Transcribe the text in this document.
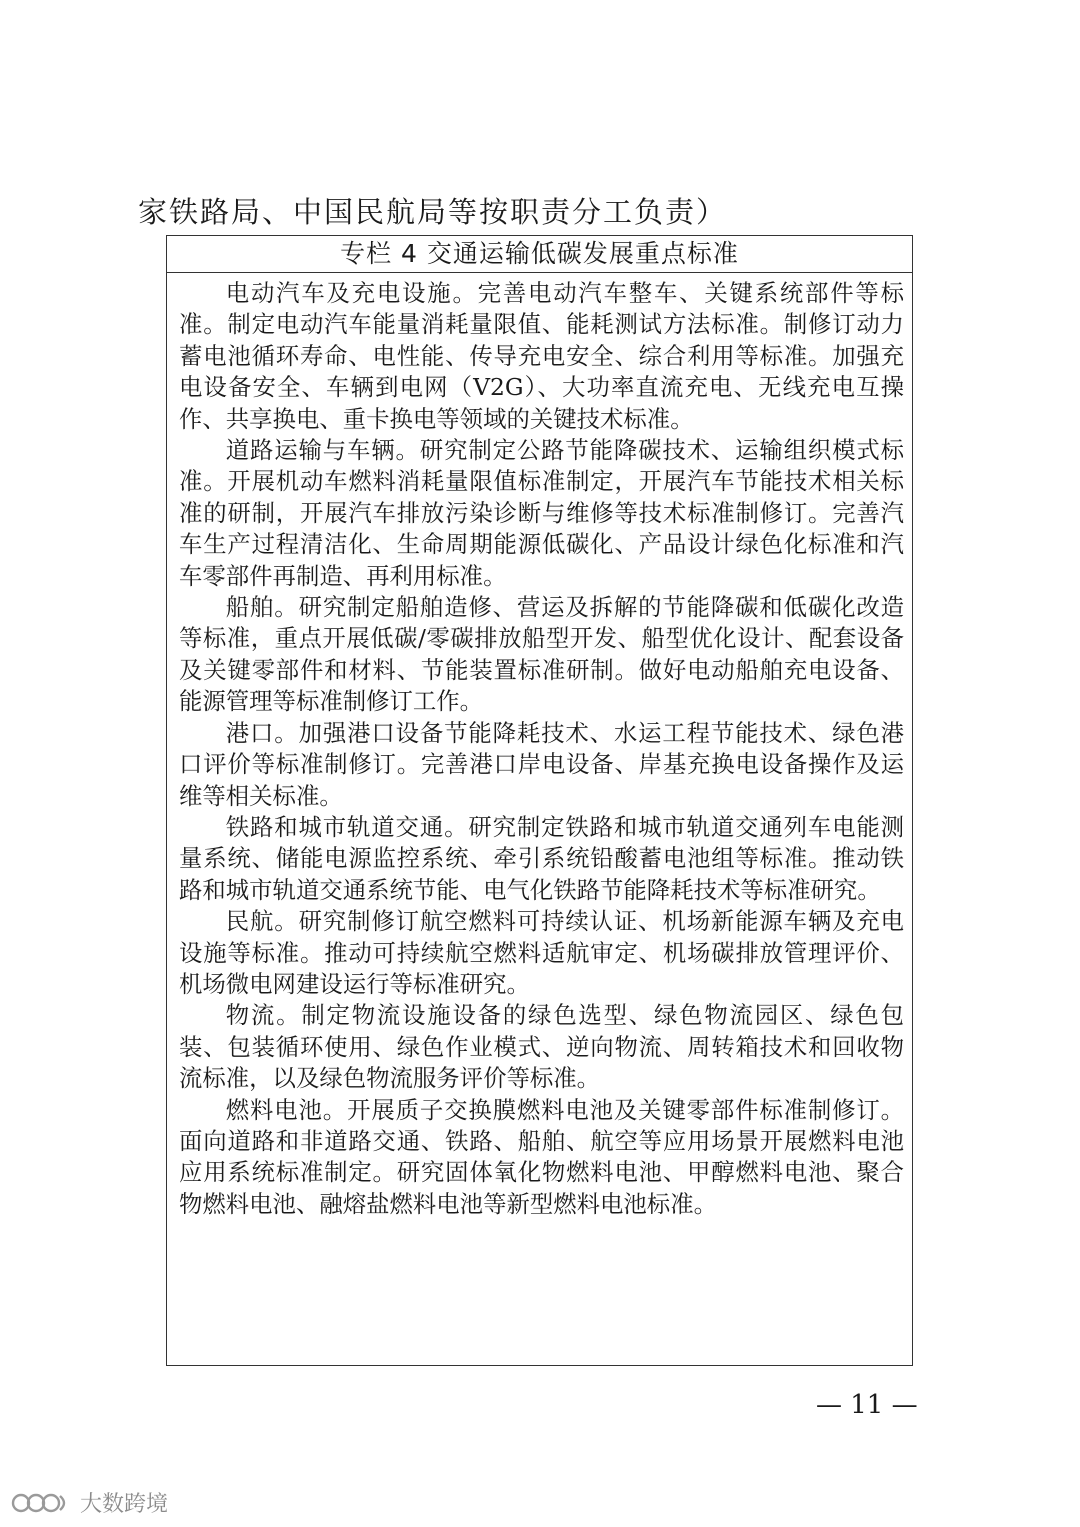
家铁路局、中国民航局等按职责分工负责）
专栏 4 交通运输低碳发展重点标准

电动汽车及充电设施。完善电动汽车整车、关键系统部件等标准。制定电动汽车能量消耗量限值、能耗测试方法标准。制修订动力蓄电池循环寿命、电性能、传导充电安全、综合利用等标准。加强充电设备安全、车辆到电网（V2G）、大功率直流充电、无线充电互操作、共享换电、重卡换电等领域的关键技术标准。

道路运输与车辆。研究制定公路节能降碳技术、运输组织模式标准。开展机动车燃料消耗量限值标准制定，开展汽车节能技术相关标准的研制，开展汽车排放污染诊断与维修等技术标准制修订。完善汽车生产过程清洁化、生命周期能源低碳化、产品设计绿色化标准和汽车零部件再制造、再利用标准。

船舶。研究制定船舶造修、营运及拆解的节能降碳和低碳化改造等标准，重点开展低碳/零碳排放船型开发、船型优化设计、配套设备及关键零部件和材料、节能装置标准研制。做好电动船舶充电设备、能源管理等标准制修订工作。

港口。加强港口设备节能降耗技术、水运工程节能技术、绿色港口评价等标准制修订。完善港口岸电设备、岸基充换电设备操作及运维等相关标准。

铁路和城市轨道交通。研究制定铁路和城市轨道交通列车电能测量系统、储能电源监控系统、牵引系统铅酸蓄电池组等标准。推动铁路和城市轨道交通系统节能、电气化铁路节能降耗技术等标准研究。

民航。研究制修订航空燃料可持续认证、机场新能源车辆及充电设施等标准。推动可持续航空燃料适航审定、机场碳排放管理评价、机场微电网建设运行等标准研究。

物流。制定物流设施设备的绿色选型、绿色物流园区、绿色包装、包装循环使用、绿色作业模式、逆向物流、周转箱技术和回收物流标准，以及绿色物流服务评价等标准。

燃料电池。开展质子交换膜燃料电池及关键零部件标准制修订。面向道路和非道路交通、铁路、船舶、航空等应用场景开展燃料电池应用系统标准制定。研究固体氧化物燃料电池、甲醇燃料电池、聚合物燃料电池、融熔盐燃料电池等新型燃料电池标准。

— 11 —
大数跨境
